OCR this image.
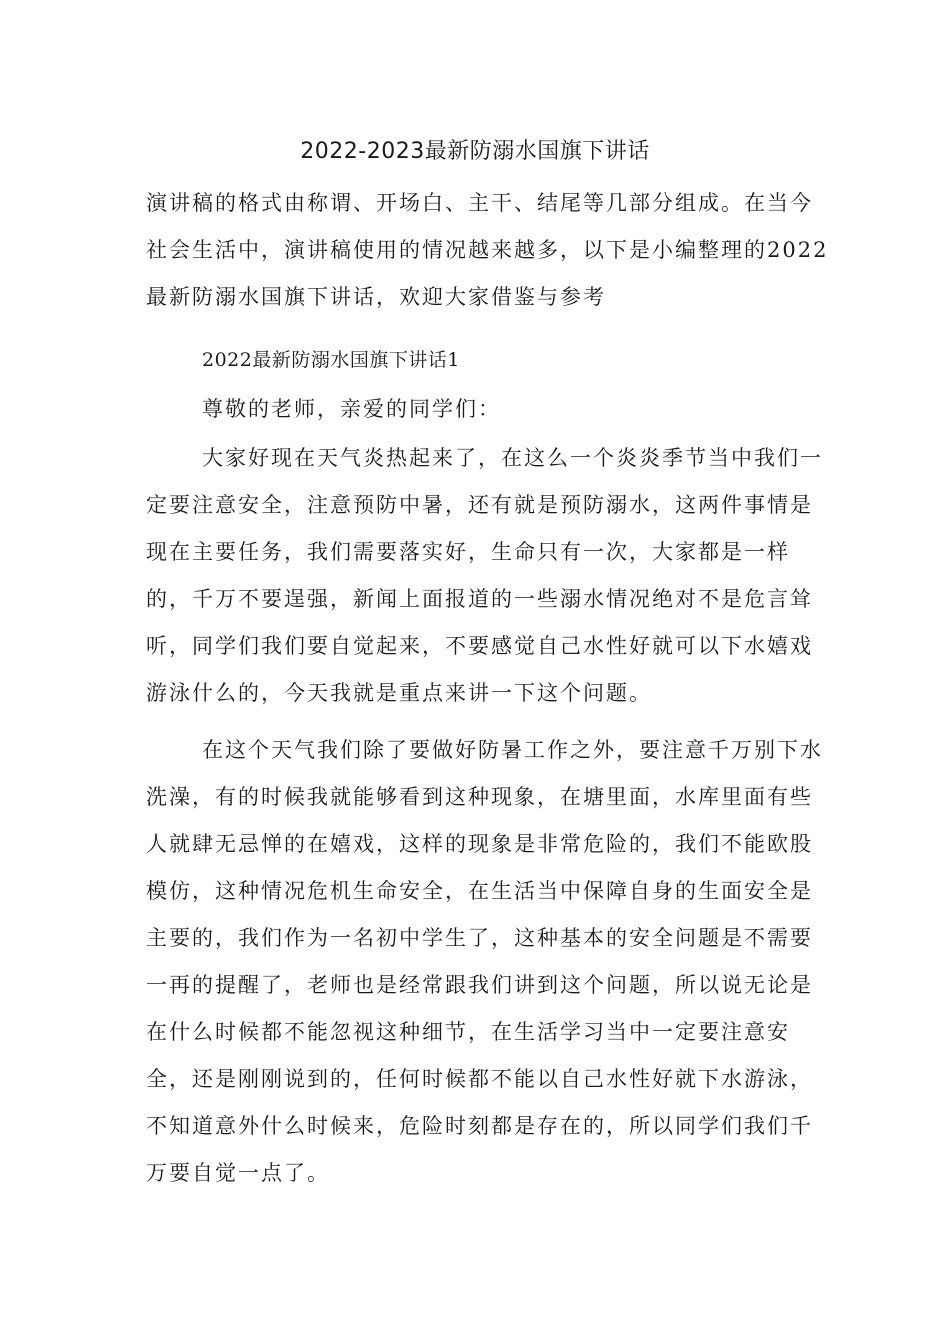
2022-2023最新防溺水国旗下讲话
演讲稿的格式由称谓、开场白、主干、结尾等几部分组成。在当今
社会生活中，演讲稿使用的情况越来越多，以下是小编整理的2022
最新防溺水国旗下讲话，欢迎大家借鉴与参考
2022最新防溺水国旗下讲话1
尊敬的老师，亲爱的同学们：
大家好现在天气炎热起来了，在这么一个炎炎季节当中我们一
定要注意安全，注意预防中暑，还有就是预防溺水，这两件事情是
现在主要任务，我们需要落实好，生命只有一次，大家都是一样
的，千万不要逞强，新闻上面报道的一些溺水情况绝对不是危言耸
听，同学们我们要自觉起来，不要感觉自己水性好就可以下水嬉戏
游泳什么的，今天我就是重点来讲一下这个问题。
在这个天气我们除了要做好防暑工作之外，要注意千万别下水
洗澡，有的时候我就能够看到这种现象，在塘里面，水库里面有些
人就肆无忌惮的在嬉戏，这样的现象是非常危险的，我们不能欧股
模仿，这种情况危机生命安全，在生活当中保障自身的生面安全是
主要的，我们作为一名初中学生了，这种基本的安全问题是不需要
一再的提醒了，老师也是经常跟我们讲到这个问题，所以说无论是
在什么时候都不能忽视这种细节，在生活学习当中一定要注意安
全，还是刚刚说到的，任何时候都不能以自己水性好就下水游泳，
不知道意外什么时候来，危险时刻都是存在的，所以同学们我们千
万要自觉一点了。
